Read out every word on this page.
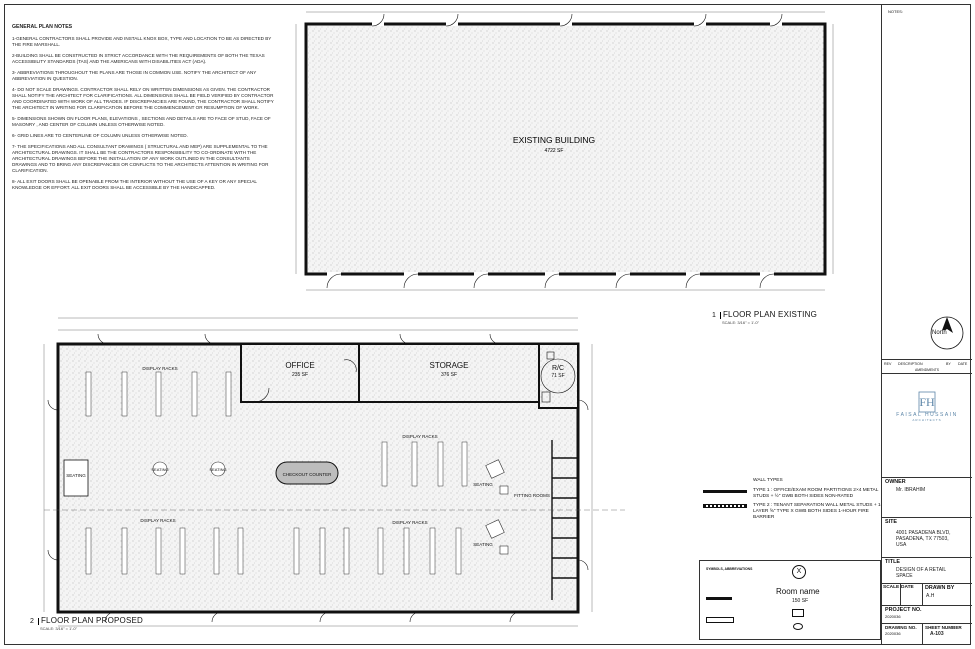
GENERAL PLAN NOTES

1-GENERAL CONTRACTORS SHALL PROVIDE AND INSTALL KNOX BOX, TYPE AND LOCATION TO BE AS DIRECTED BY THE FIRE MARSHALL.

2-BUILDING SHALL BE CONSTRUCTED IN STRICT ACCORDANCE WITH THE REQUIREMENTS OF BOTH THE TEXAS ACCESSIBILITY STANDARDS (TAS) AND THE AMERICANS WITH DISABILITIES ACT (ADA).

3- ABBREVIATIONS THROUGHOUT THE PLANS ARE THOSE IN COMMON USE. NOTIFY THE ARCHITECT OF ANY ABBREVIATION IN QUESTION.

4- DO NOT SCALE DRAWINGS. CONTRACTOR SHALL RELY ON WRITTEN DIMENSIONS AS GIVEN. THE CONTRACTOR SHALL NOTIFY THE ARCHITECT FOR CLARIFICATIONS. ALL DIMENSIONS SHALL BE FIELD VERIFIED BY CONTRACTOR AND COORDINATED WITH WORK OF ALL TRADES. IF DISCREPANCIES ARE FOUND, THE CONTRACTOR SHALL NOTIFY THE ARCHITECT IN WRITING FOR CLARIFICATION BEFORE THE COMMENCEMENT OR RESUMPTION OF WORK.

5- DIMENSIONS SHOWN ON FLOOR PLANS, ELEVATIONS , SECTIONS AND DETAILS ARE TO FACE OF STUD, FACE OF MASONRY , AND CENTER OF COLUMN UNLESS OTHERWISE NOTED.

6- GRID LINES ARE TO CENTERLINE OF COLUMN UNLESS OTHERWISE NOTED.

7- THE SPECIFICATIONS AND ALL CONSULTANT DRAWINGS ( STRUCTURAL AND MEP) ARE SUPPLEMENTAL TO THE ARCHITECTURAL DRAWINGS. IT SHALL BE THE CONTRACTORS RESPONSIBILITY TO CO-ORDINATE WITH THE ARCHITECTURAL DRAWINGS BEFORE THE INSTALLATION OF ANY WORK OUTLINED IN THE CONSULTANTS DRAWINGS AND TO BRING ANY DISCREPANCIES OR CONFLICTS TO THE ARCHITECTS ATTENTION IN WRITING FOR CLARIFICATION.

8- ALL EXIT DOORS SHALL BE OPENABLE FROM THE INTERIOR WITHOUT THE USE OF A KEY OR ANY SPECIAL KNOWLEDGE OR EFFORT. ALL EXIT DOORS SHALL BE ACCESSIBLE BY THE HANDICAPPED.

EXISTING BUILDING
4722 SF
OFFICE
235 SF
STORAGE
376 SF
R/C
71 SF
DISPLAY RACKS
DISPLAY RACKS
DISPLAY RACKS	DISPLAY RACKS
SEATING
SEATING	SEATING
SEATING
SEATING
CHECKOUT COUNTER
FITTING ROOMS
1 FLOOR PLAN EXISTING
SCALE: 3/16" = 1'-0"
2 FLOOR PLAN PROPOSED
SCALE: 3/16" = 1'-0"
WALL TYPES
TYPE 1 : OFFICE/EXAM ROOM PARTITIONS 2×4 METAL STUDS + ½" GWB BOTH SIDES NON-RATED
TYPE 2 : TENANT SEPARATION WALL METAL STUDS + 1-LAYER ⅝" TYPE X GWB BOTH SIDES 1-HOUR FIRE BARRIER
SYMBOLS, ABBREVIATIONS	X
Room name
150 SF
NOTES:
North
REV	DESCRIPTION	BY	DATE
AMENDMENTS
FH
FAISAL HUSSAIN
ARCHITECTS
OWNER
Mr. IBRAHIM
SITE
4001 PASADENA BLVD, PASADENA, TX 77503, USA
TITLE
DESIGN OF A RETAIL SPACE
SCALE DATE	DRAWN BY
A.H
PROJECT NO.
2020036
DRAWING NO.
2020036
SHEET NUMBER
A-103
